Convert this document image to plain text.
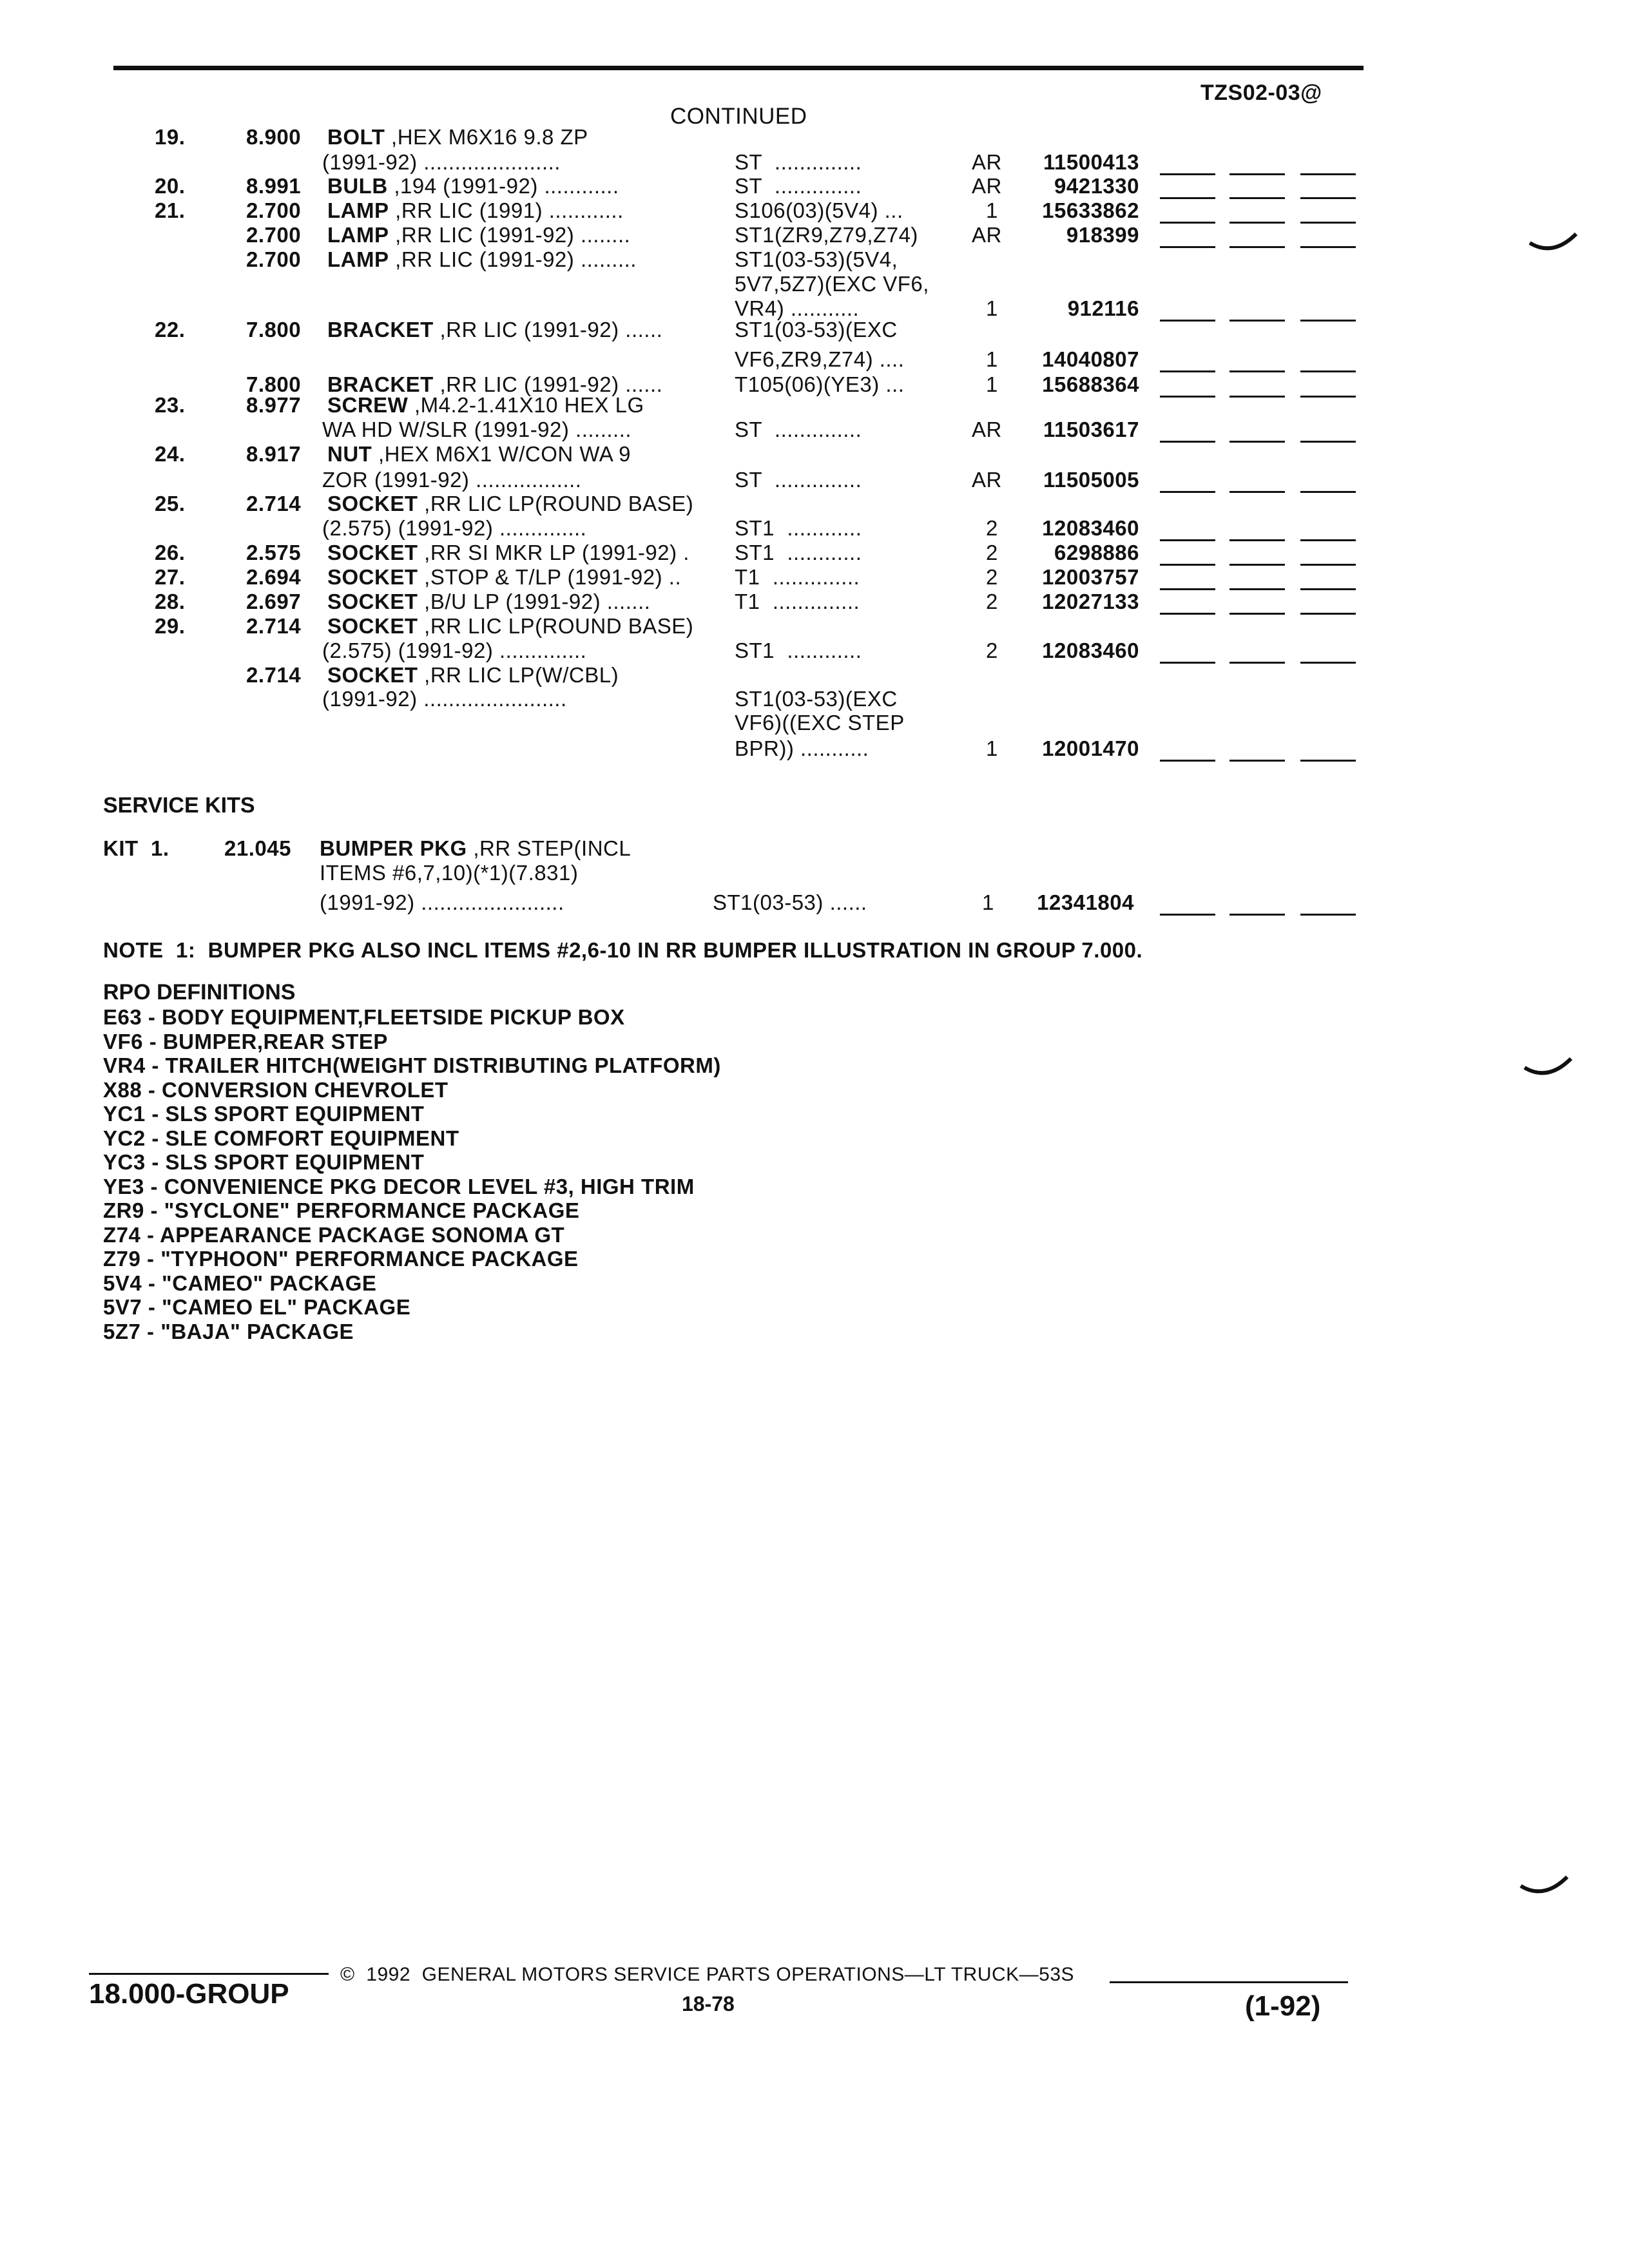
TZS02-03@
CONTINUED
19.	8.900 BOLT ,HEX M6X16 9.8 ZP
(1991-92) ......................	ST  ..............	AR 11500413
20.	8.991 BULB ,194 (1991-92) ............	ST  ..............	AR 9421330
21.	2.700 LAMP ,RR LIC (1991) ............	S106(03)(5V4) ...	1 15633862
2.700 LAMP ,RR LIC (1991-92) ........	ST1(ZR9,Z79,Z74)	AR	918399
2.700 LAMP ,RR LIC (1991-92) .........	ST1(03-53)(5V4,
5V7,5Z7)(EXC VF6,
VR4) ...........	1	912116
22.	7.800 BRACKET ,RR LIC (1991-92) ......	ST1(03-53)(EXC
VF6,ZR9,Z74) ....	1 14040807
7.800 BRACKET ,RR LIC (1991-92) ......	T105(06)(YE3) ...	1 15688364
23.	8.977 SCREW ,M4.2-1.41X10 HEX LG
WA HD W/SLR (1991-92) .........	ST  ..............	AR 11503617
24.	8.917 NUT ,HEX M6X1 W/CON WA 9
ZOR (1991-92) .................	ST  ..............	AR 11505005
25.	2.714 SOCKET ,RR LIC LP(ROUND BASE)
(2.575) (1991-92) ..............	ST1  ............	2 12083460
26.	2.575 SOCKET ,RR SI MKR LP (1991-92) . ST1  ............	2	6298886
27.	2.694 SOCKET ,STOP & T/LP (1991-92) ..	T1  ..............	2 12003757
28.	2.697 SOCKET ,B/U LP (1991-92) .......	T1  ..............	2 12027133
29.	2.714 SOCKET ,RR LIC LP(ROUND BASE)
(2.575) (1991-92) ..............	ST1  ............	2 12083460
2.714 SOCKET ,RR LIC LP(W/CBL)
(1991-92) .......................	ST1(03-53)(EXC
VF6)((EXC STEP
BPR)) ...........	1 12001470
SERVICE KITS
KIT  1.	21.045 BUMPER PKG ,RR STEP(INCL
ITEMS #6,7,10)(*1)(7.831)
(1991-92) .......................	ST1(03-53) ......	1 12341804
NOTE  1:  BUMPER PKG ALSO INCL ITEMS #2,6-10 IN RR BUMPER ILLUSTRATION IN GROUP 7.000.
RPO DEFINITIONS
E63 - BODY EQUIPMENT,FLEETSIDE PICKUP BOX
VF6 - BUMPER,REAR STEP
VR4 - TRAILER HITCH(WEIGHT DISTRIBUTING PLATFORM)
X88 - CONVERSION CHEVROLET
YC1 - SLS SPORT EQUIPMENT
YC2 - SLE COMFORT EQUIPMENT
YC3 - SLS SPORT EQUIPMENT
YE3 - CONVENIENCE PKG DECOR LEVEL #3, HIGH TRIM
ZR9 - "SYCLONE" PERFORMANCE PACKAGE
Z74 - APPEARANCE PACKAGE SONOMA GT
Z79 - "TYPHOON" PERFORMANCE PACKAGE
5V4 - "CAMEO" PACKAGE
5V7 - "CAMEO EL" PACKAGE
5Z7 - "BAJA" PACKAGE
18.000-GROUP
©  1992  GENERAL MOTORS SERVICE PARTS OPERATIONS—LT TRUCK—53S
18-78	(1-92)
